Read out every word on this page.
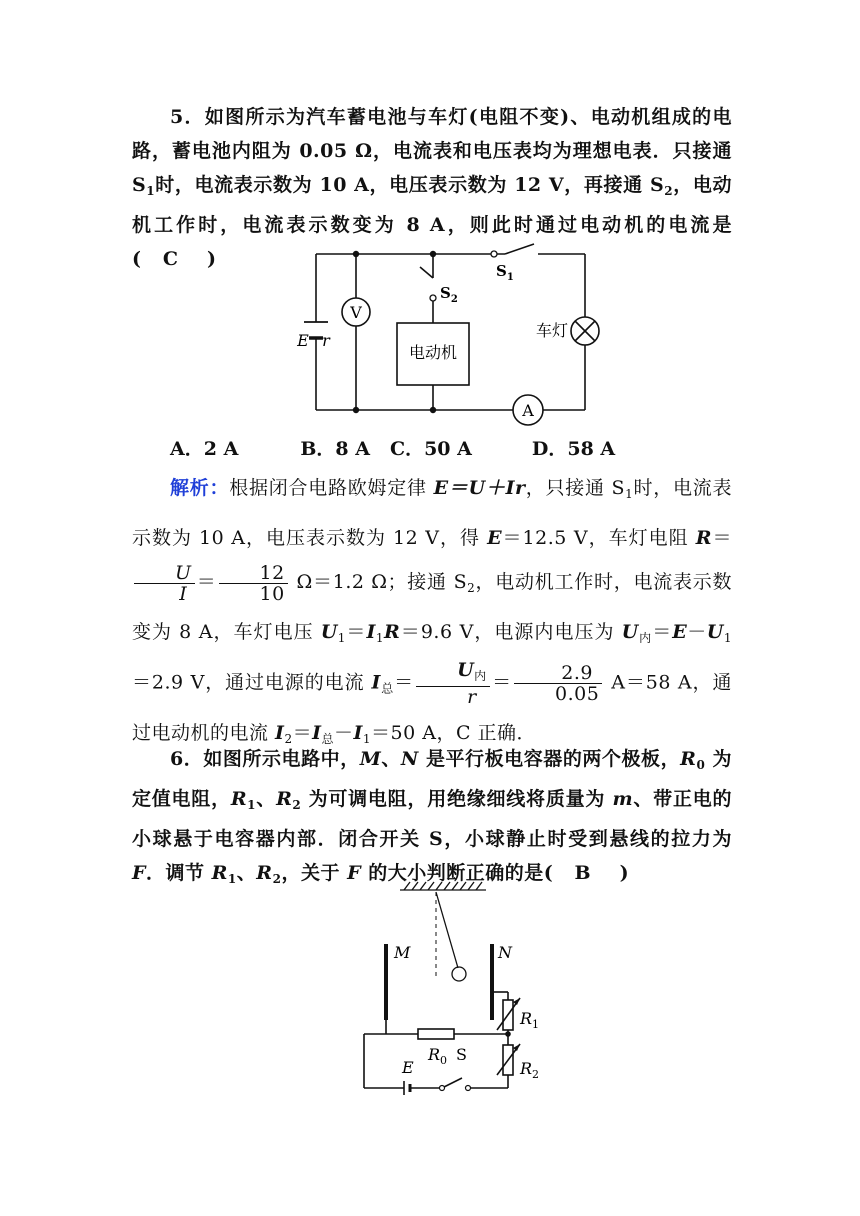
5．如图所示为汽车蓄电池与车灯(电阻不变)、电动机组成的电路，蓄电池内阻为 0.05 Ω，电流表和电压表均为理想电表．只接通 $S_1$时，电流表示数为 10 A，电压表示数为 12 V，再接通 $S_2$，电动机工作时，电流表示数变为 8 A，则此时通过电动机的电流是( C )
V
A
电动机
车灯
E r
$S_2$
$S_1$
A．2 A	B．8 A C．50 A	D．58 A
解析：根据闭合电路欧姆定律 E＝U＋Ir，只接通 $S_1$时，电流表示数为 10 A，电压表示数为 12 V，得 E＝12.5 V，车灯电阻 R＝
$\frac{U}{I} = \frac{12}{10} \Omega=1.2$ Ω；接通 $S_2$，电动机工作时，电流表示数变为 8 A，车灯电压 $U_1=I_1R=9.6$ V，电源内电压为 $U_内=E-U_1=2.9$ V，通过电源的电流 $I_总= \frac{U_内}{r} = \frac{2.9}{0.05} A=58$ A，通过电动机的电流 $I_2=I_总-I_1=50$ A，C 正确．
6．如图所示电路中，M、N 是平行板电容器的两个极板，$R_0$ 为定值电阻，$R_1$、$R_2$ 为可调电阻，用绝缘细线将质量为 m、带正电的小球悬于电容器内部．闭合开关 S，小球静止时受到悬线的拉力为 F．调节 $R_1$、$R_2$，关于 F 的大小判断正确的是( B )
M	N
$R_1$
$R_2$
$R_0$ S
E
